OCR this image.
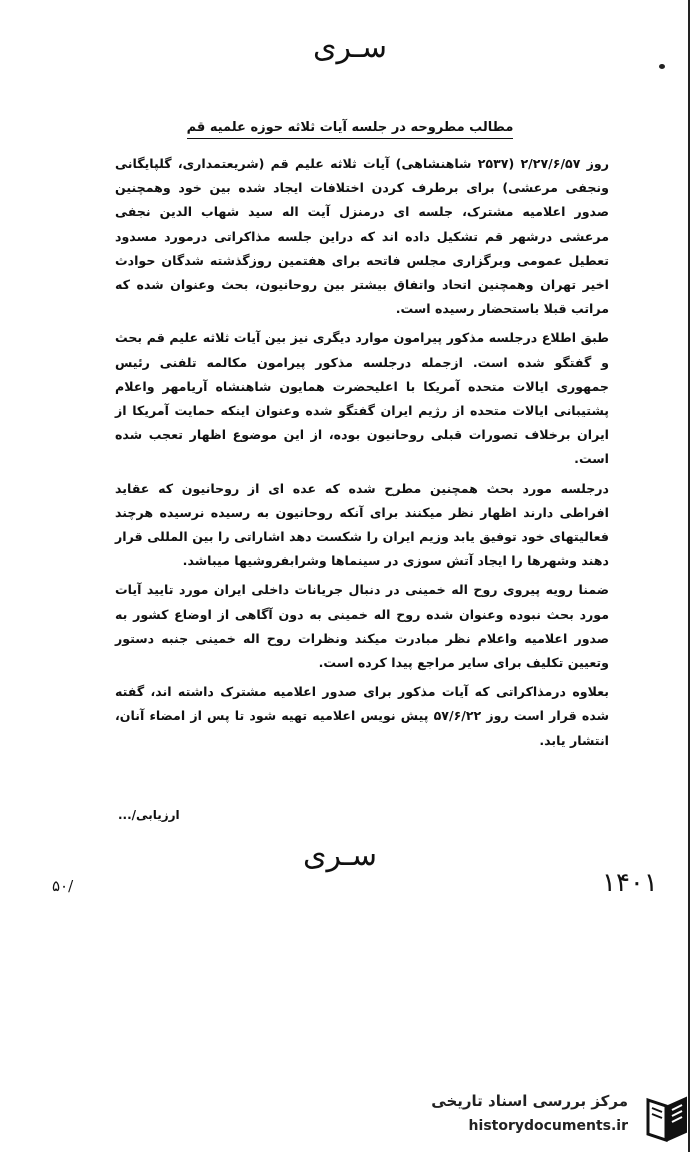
سـری
مطالب مطروحه در جلسه آیات ثلاثه حوزه علمیه قم

روز ۲/۲۷/۶/۵۷ (۲۵۳۷ شاهنشاهی) آیات ثلاثه علیم قم (شریعتمداری، گلپایگانی ونجفی مرعشی) برای برطرف کردن اختلافات ایجاد شده بین خود وهمچنین صدور اعلامیه مشترک، جلسه ای درمنزل آیت اله سید شهاب الدین نجفی مرعشی درشهر قم تشکیل داده اند که دراین جلسه مذاکراتی درمورد مسدود تعطیل عمومی وبرگزاری مجلس فاتحه برای هفتمین روزگذشته شدگان حوادث اخیر تهران وهمچنین اتحاد واتفاق بیشتر بین روحانیون، بحث وعنوان شده که مراتب قبلا باستحضار رسیده است.

طبق اطلاع درجلسه مذکور پیرامون موارد دیگری نیز بین آیات ثلاثه علیم قم بحث و گفتگو شده است. ازجمله درجلسه مذکور پیرامون مکالمه تلفنی رئیس جمهوری ایالات متحده آمریکا با اعلیحضرت همایون شاهنشاه آریامهر واعلام پشتیبانی ایالات متحده از رژیم ایران گفتگو شده وعنوان اینکه حمایت آمریکا از ایران برخلاف تصورات قبلی روحانیون بوده، از این موضوع اظهار تعجب شده است.

درجلسه مورد بحث همچنین مطرح شده که عده ای از روحانیون که عقاید افراطی دارند اظهار نظر میکنند برای آنکه روحانیون به رسیده نرسیده هرچند فعالیتهای خود توفیق یابد وزیم ایران را شکست دهد اشاراتی را بین المللی قرار دهند وشهرها را ایجاد آتش سوزی در سینماها وشرابفروشیها میباشد.

ضمنا رویه پیروی روح اله خمینی در دنبال جریانات داخلی ایران مورد تایید آیات مورد بحث نبوده وعنوان شده روح اله خمینی به دون آگاهی از اوضاع کشور به صدور اعلامیه واعلام نظر مبادرت میکند ونظرات روح اله خمینی جنبه دستور وتعیین تکلیف برای سایر مراجع پیدا کرده است.

بعلاوه درمذاکراتی که آیات مذکور برای صدور اعلامیه مشترک داشته اند، گفته شده قرار است روز ۵۷/۶/۲۲ پیش نویس اعلامیه تهیه شود تا پس از امضاء آنان، انتشار یابد.

ارزیابی/...
سـری
۱۴۰۱
۵۰/
مرکز بررسی اسناد تاریخی
historydocuments.ir
